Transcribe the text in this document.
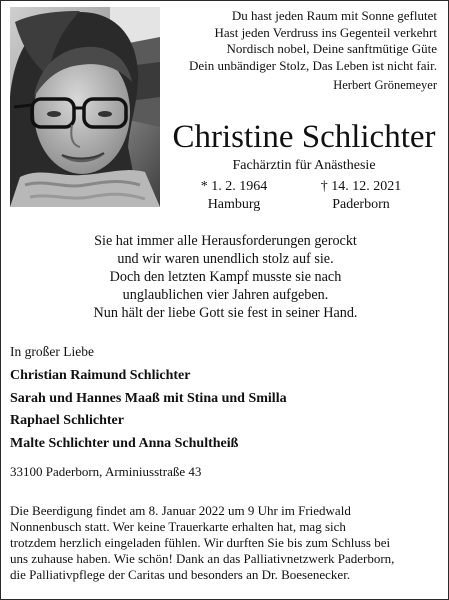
Du hast jeden Raum mit Sonne geflutet
Hast jeden Verdruss ins Gegenteil verkehrt
Nordisch nobel, Deine sanftmütige Güte
Dein unbändiger Stolz, Das Leben ist nicht fair.
Herbert Grönemeyer
Christine Schlichter
Fachärztin für Anästhesie
* 1. 2. 1964
Hamburg
† 14. 12. 2021
Paderborn
Sie hat immer alle Herausforderungen gerockt
und wir waren unendlich stolz auf sie.
Doch den letzten Kampf musste sie nach
unglaublichen vier Jahren aufgeben.
Nun hält der liebe Gott sie fest in seiner Hand.
In großer Liebe
Christian Raimund Schlichter
Sarah und Hannes Maaß mit Stina und Smilla
Raphael Schlichter
Malte Schlichter und Anna Schultheiß
33100 Paderborn, Arminiusstraße 43
Die Beerdigung findet am 8. Januar 2022 um 9 Uhr im Friedwald
Nonnenbusch statt. Wer keine Trauerkarte erhalten hat, mag sich
trotzdem herzlich eingeladen fühlen. Wir durften Sie bis zum Schluss bei
uns zuhause haben. Wie schön! Dank an das Palliativnetzwerk Paderborn,
die Palliativpflege der Caritas und besonders an Dr. Boesenecker.
